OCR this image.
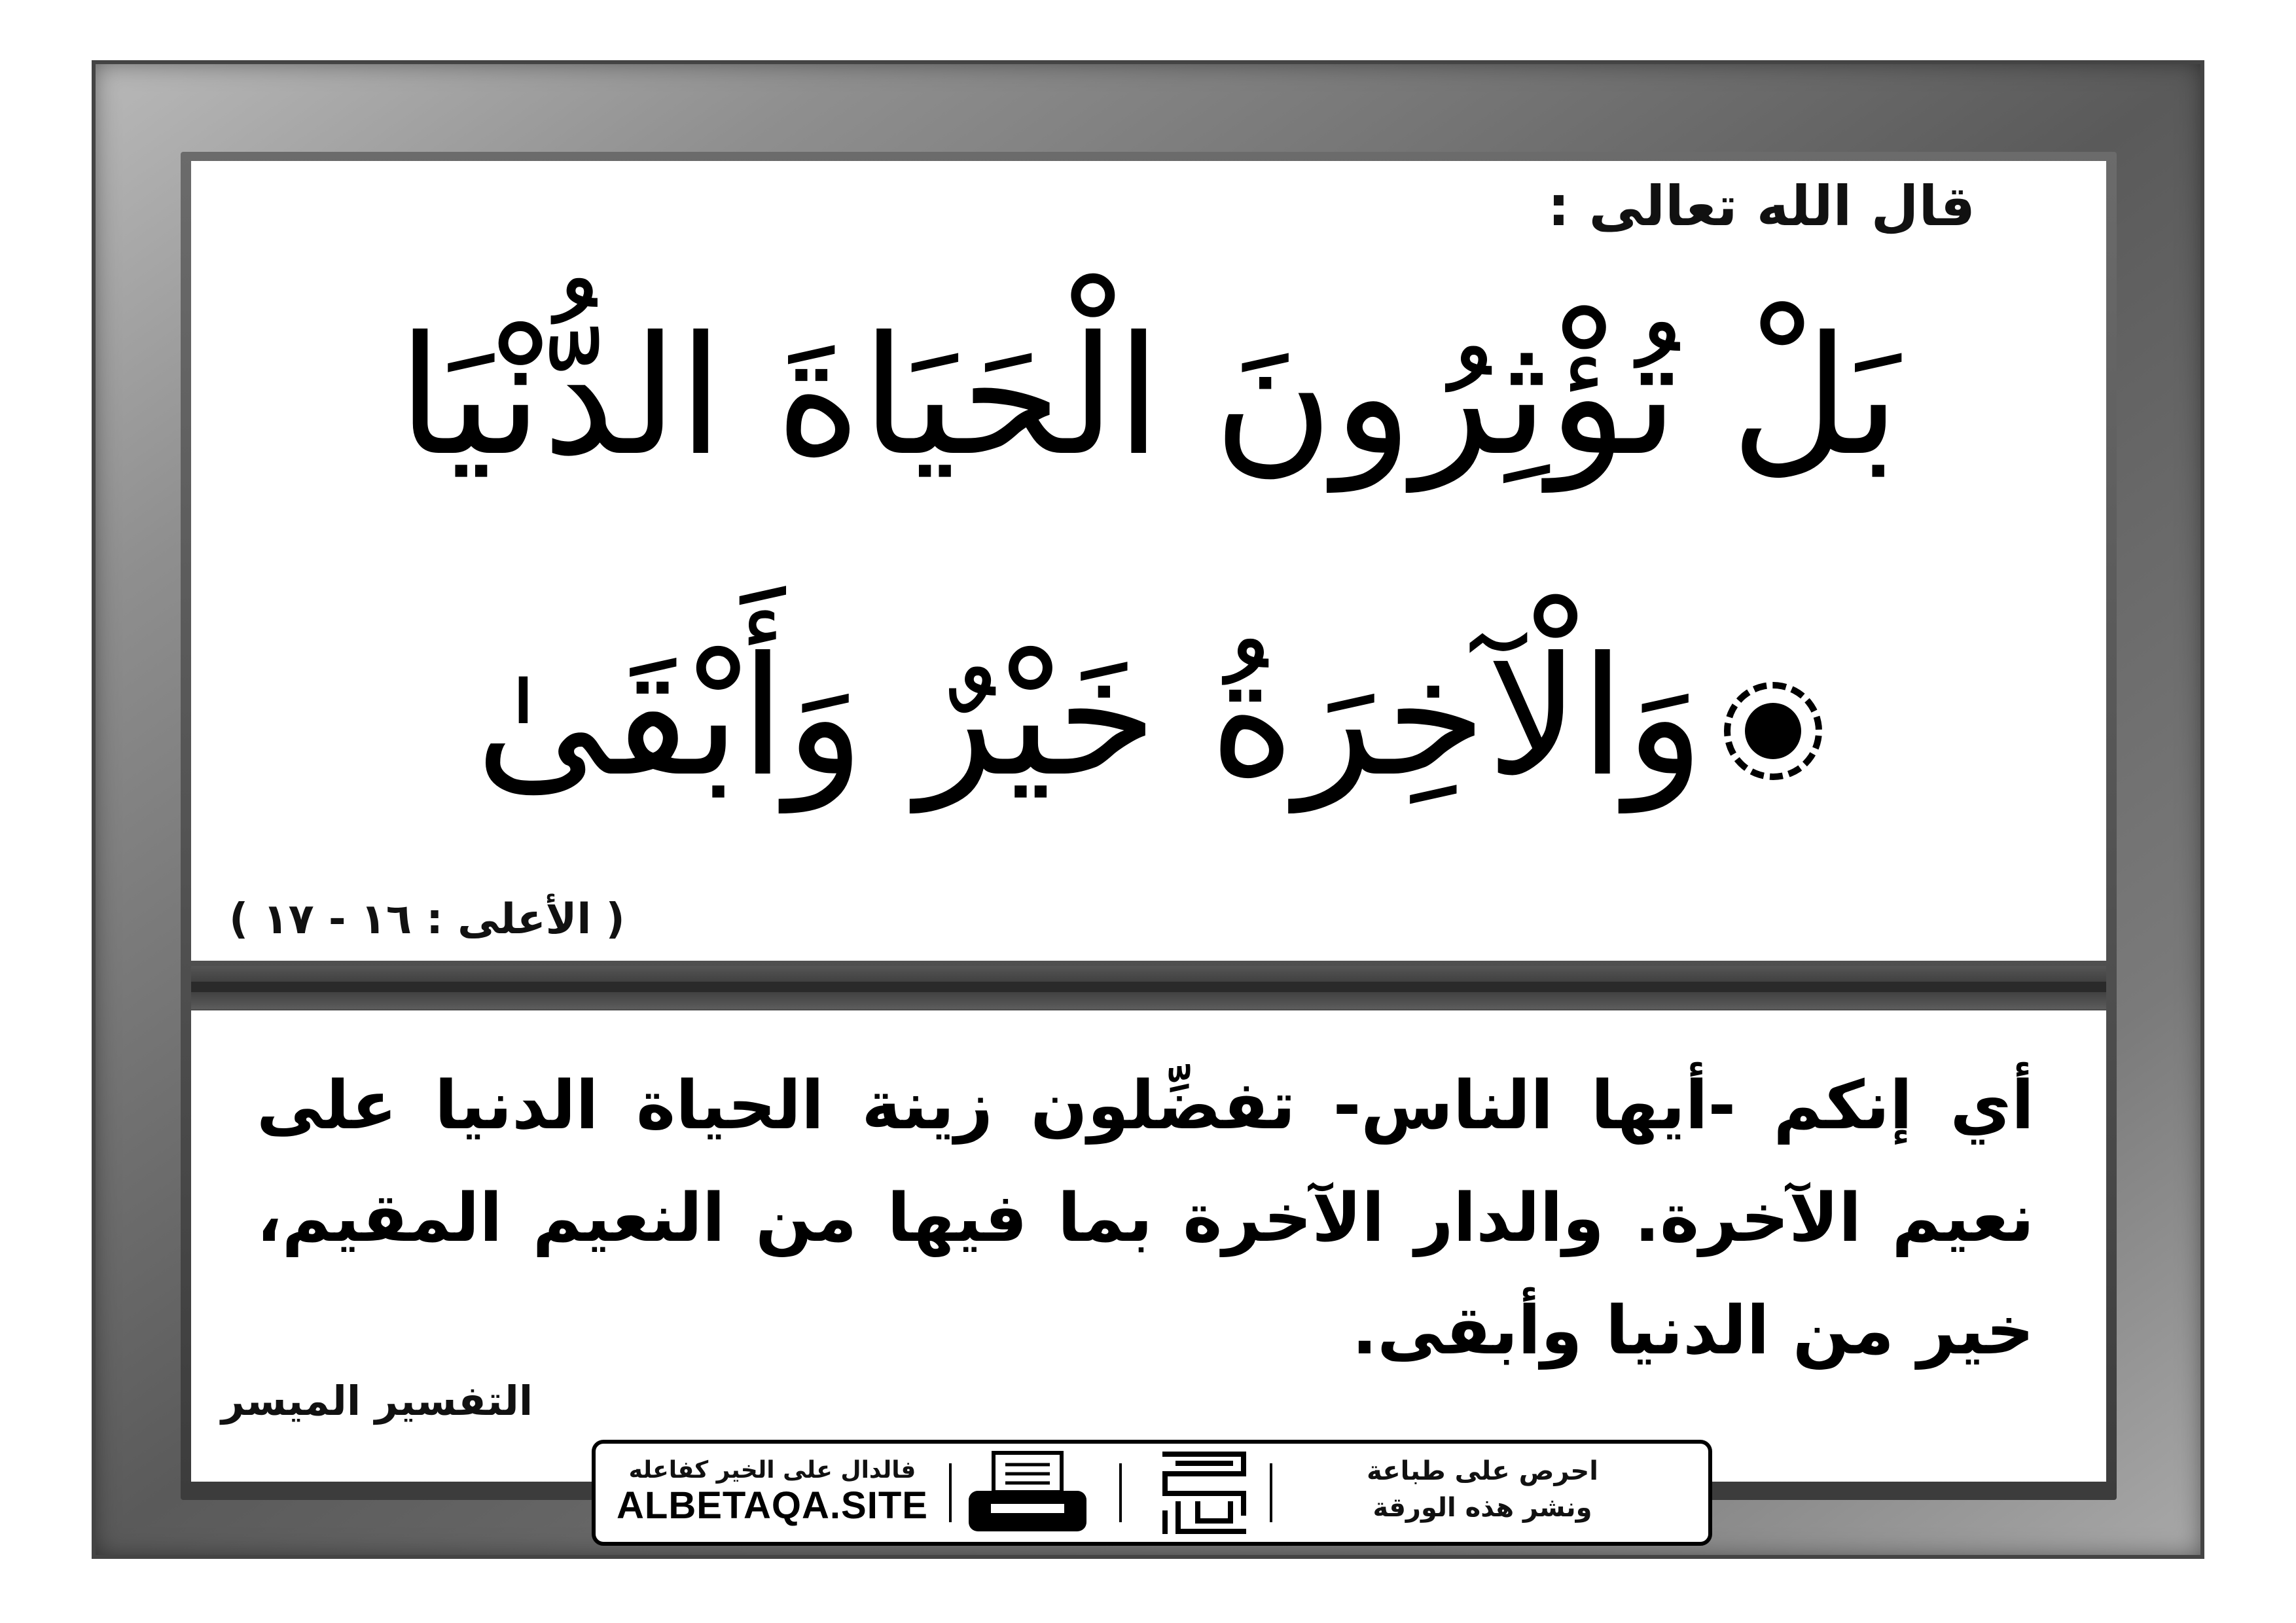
قال الله تعالى :
بَلْ تُؤْثِرُونَ الْحَيَاةَ الدُّنْيَا
وَالْآخِرَةُ خَيْرٌ وَأَبْقَىٰ
( الأعلى : ١٦ - ١٧ )
أي إنكم -أيها الناس- تفضِّلون زينة الحياة الدنيا على نعيم الآخرة. والدار الآخرة بما فيها من النعيم المقيم، خير من الدنيا وأبقى.
التفسير الميسر
فالدال على الخير كفاعله
ALBETAQA.SITE
احرص على طباعة
ونشر هذه الورقة
